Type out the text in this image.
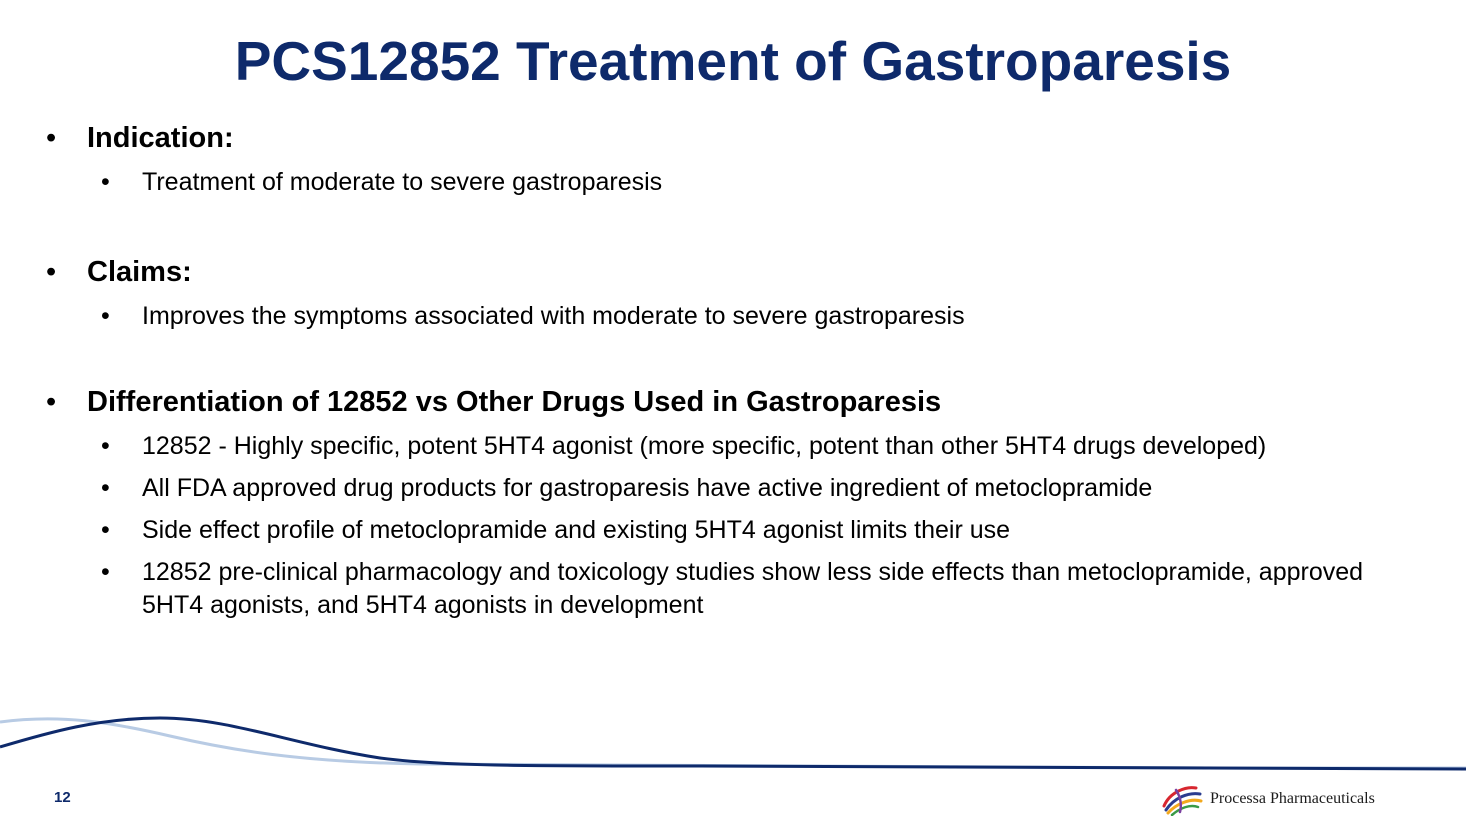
PCS12852 Treatment of Gastroparesis
• Indication:
• Treatment of moderate to severe gastroparesis
• Claims:
• Improves the symptoms associated with moderate to severe gastroparesis
• Differentiation of 12852 vs Other Drugs Used in Gastroparesis
• 12852 - Highly specific, potent 5HT4 agonist (more specific, potent than other 5HT4 drugs developed)
• All FDA approved drug products for gastroparesis have active ingredient of metoclopramide
• Side effect profile of metoclopramide and existing 5HT4 agonist limits their use
• 12852 pre-clinical pharmacology and toxicology studies show less side effects than metoclopramide, approved 5HT4 agonists, and 5HT4 agonists in development
12	Processa Pharmaceuticals
